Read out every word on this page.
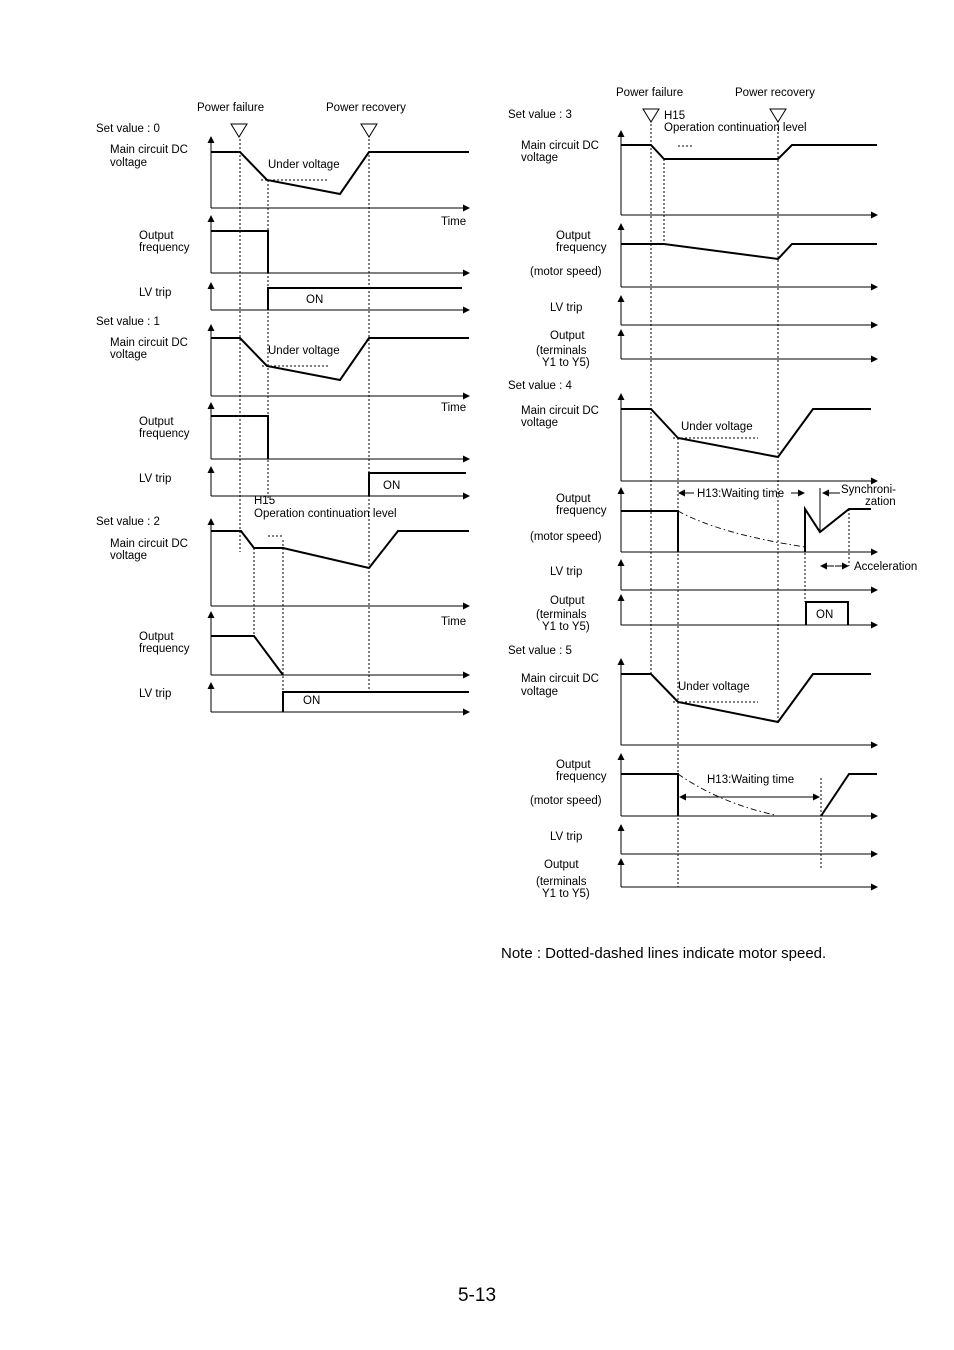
Power failure	Power recovery
Set value : 0
Main circuit DC
voltage
Time
Under voltage
Output
frequency
LV trip
ON
Set value : 1
Main circuit DC
voltage
Time
Under voltage
Output
frequency
LV trip
ON
H15
Operation continuation level
Set value : 2
Main circuit DC
voltage
Time
Output
frequency
LV trip
ON
Power failure	Power recovery
Set value : 3	H15
Operation continuation level
Main circuit DC
voltage
Output
frequency
(motor speed)
LV trip
Output
(terminals
Y1 to Y5)
Set value : 4
Main circuit DC
voltage	Under voltage
Output
frequency
(motor speed)
H13:Waiting time	Synchroni-
zation
LV trip	Acceleration
Output
(terminals
Y1 to Y5)
ON
Set value : 5
Main circuit DC
voltage	Under voltage
Output
frequency
(motor speed)
H13:Waiting time
LV trip
Output
(terminals
Y1 to Y5)
Note : Dotted-dashed lines indicate motor speed.
5-13
